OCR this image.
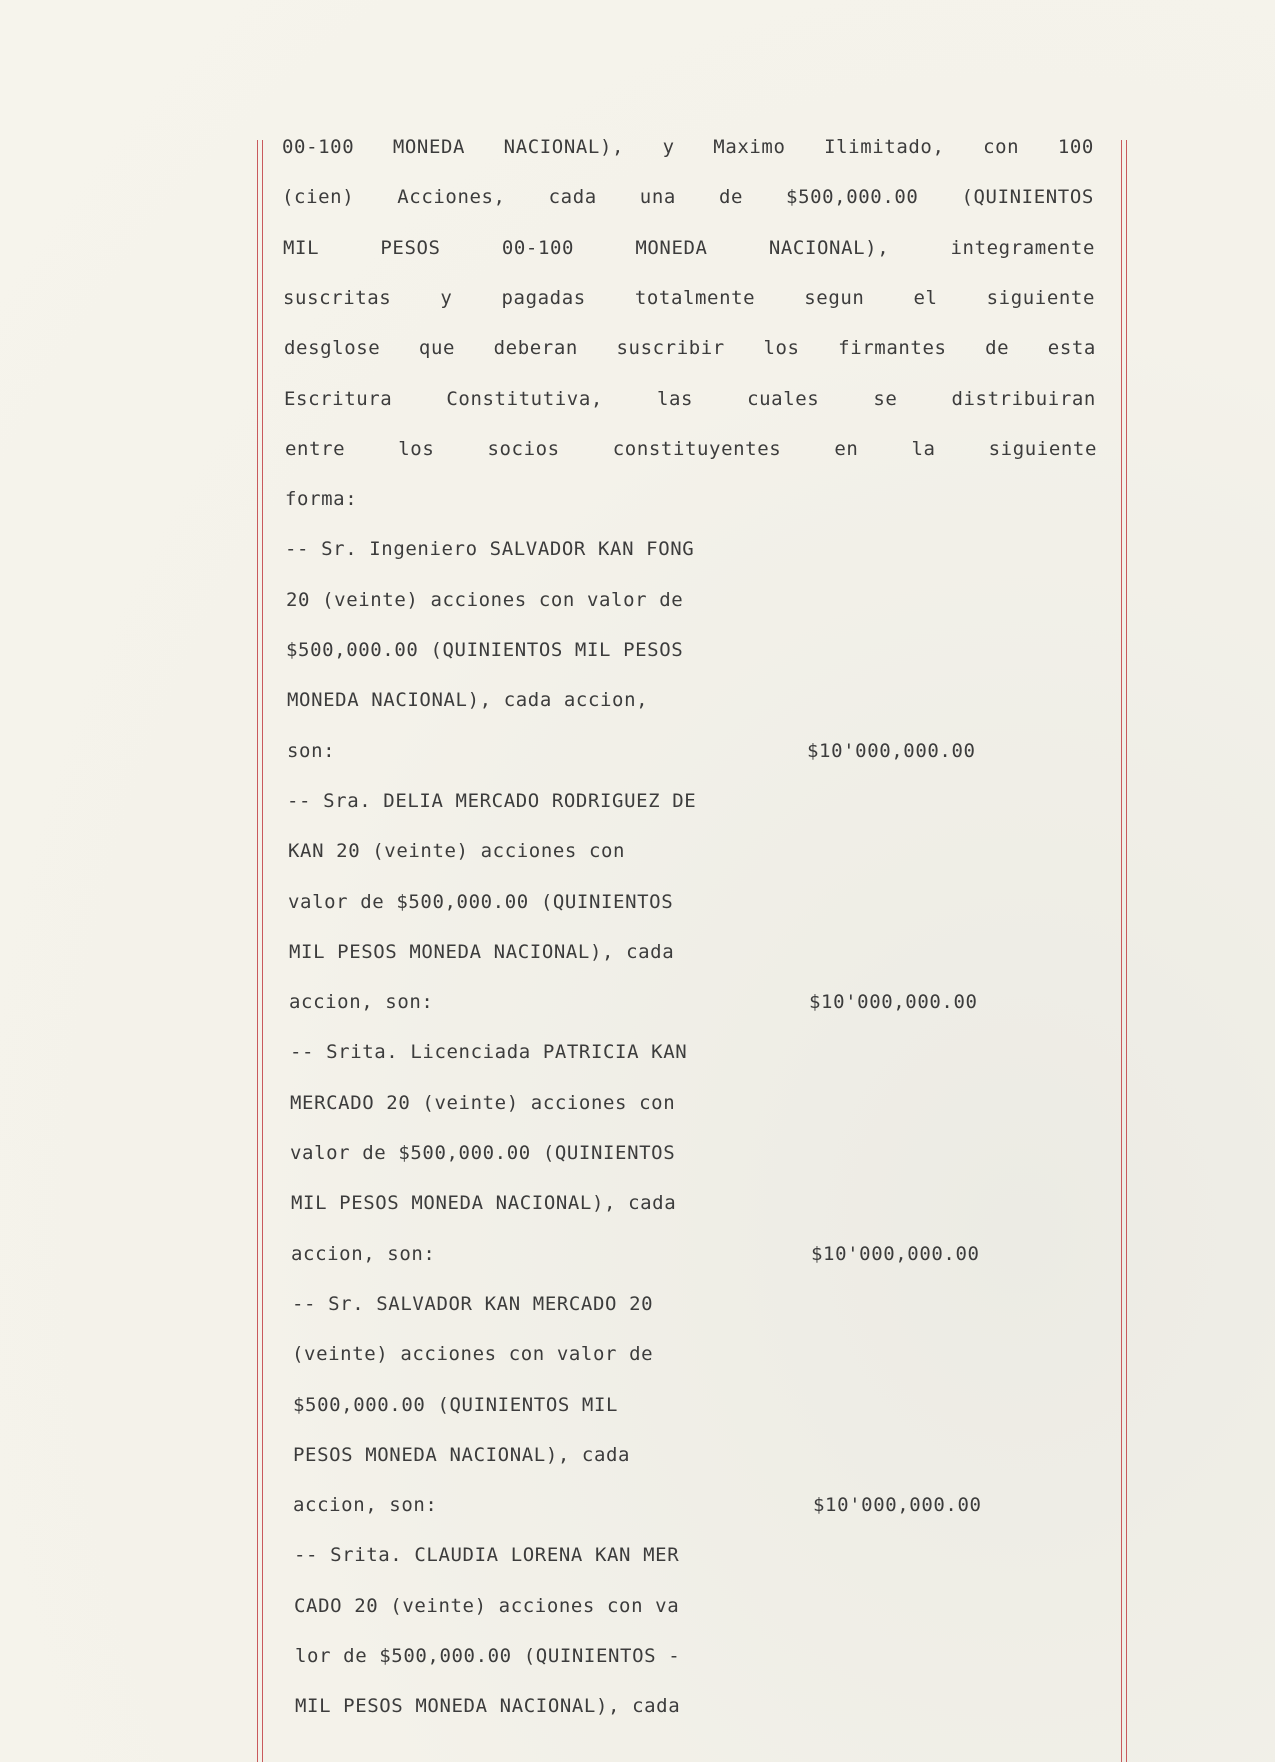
00-100 MONEDA NACIONAL), y Maximo Ilimitado, con 100
(cien) Acciones, cada una de $500,000.00 (QUINIENTOS
MIL	PESOS	00-100	MONEDA	NACIONAL),	integramente
suscritas	y	pagadas	totalmente	segun	el	siguiente
desglose que deberan suscribir los firmantes de esta
Escritura	Constitutiva,	las	cuales	se	distribuiran
entre	los	socios	constituyentes	en	la	siguiente
forma:
-- Sr. Ingeniero SALVADOR KAN FONG
20 (veinte) acciones con valor de
$500,000.00 (QUINIENTOS MIL PESOS
MONEDA NACIONAL), cada accion,
son:	$10'000,000.00
-- Sra. DELIA MERCADO RODRIGUEZ DE
KAN 20 (veinte) acciones con
valor de $500,000.00 (QUINIENTOS
MIL PESOS MONEDA NACIONAL), cada
accion, son:	$10'000,000.00
-- Srita. Licenciada PATRICIA KAN
MERCADO 20 (veinte) acciones con
valor de $500,000.00 (QUINIENTOS
MIL PESOS MONEDA NACIONAL), cada
accion, son:	$10'000,000.00
-- Sr. SALVADOR KAN MERCADO 20
(veinte) acciones con valor de
$500,000.00 (QUINIENTOS MIL
PESOS MONEDA NACIONAL), cada
accion, son:	$10'000,000.00
-- Srita. CLAUDIA LORENA KAN MER
CADO 20 (veinte) acciones con va
lor de $500,000.00 (QUINIENTOS -
MIL PESOS MONEDA NACIONAL), cada
